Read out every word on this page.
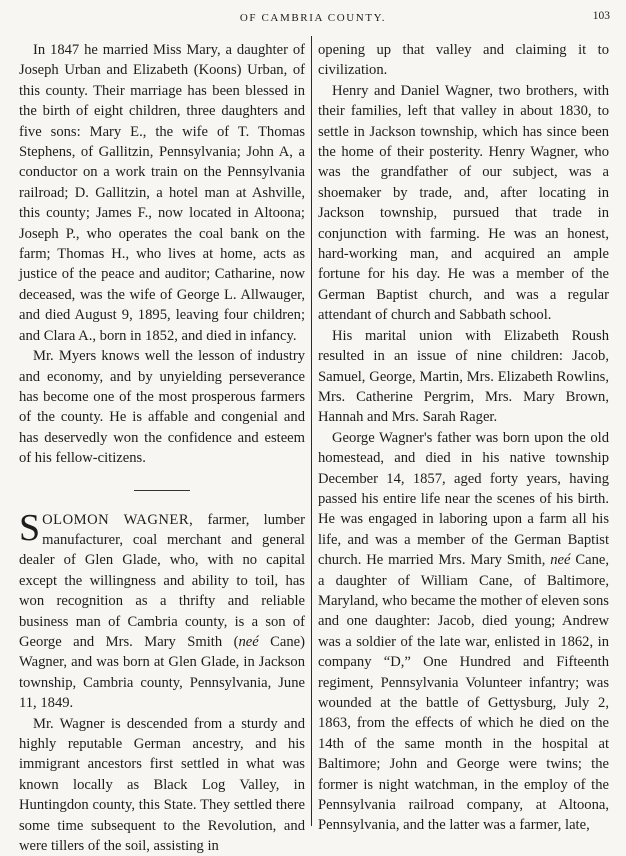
OF CAMBRIA COUNTY.	103

In 1847 he married Miss Mary, a daughter of Joseph Urban and Elizabeth (Koons) Urban, of this county. Their marriage has been blessed in the birth of eight children, three daughters and five sons: Mary E., the wife of T. Thomas Stephens, of Gallitzin, Pennsylvania; John A, a conductor on a work train on the Pennsylvania railroad; D. Gallitzin, a hotel man at Ashville, this county; James F., now located in Altoona; Joseph P., who operates the coal bank on the farm; Thomas H., who lives at home, acts as justice of the peace and auditor; Catharine, now deceased, was the wife of George L. Allwauger, and died August 9, 1895, leaving four children; and Clara A., born in 1852, and died in infancy.

Mr. Myers knows well the lesson of industry and economy, and by unyielding perseverance has become one of the most prosperous farmers of the county. He is affable and congenial and has deservedly won the confidence and esteem of his fellow-citizens.

SOLOMON WAGNER, farmer, lumber manufacturer, coal merchant and general dealer of Glen Glade, who, with no capital except the willingness and ability to toil, has won recognition as a thrifty and reliable business man of Cambria county, is a son of George and Mrs. Mary Smith (neé Cane) Wagner, and was born at Glen Glade, in Jackson township, Cambria county, Pennsylvania, June 11, 1849.

Mr. Wagner is descended from a sturdy and highly reputable German ancestry, and his immigrant ancestors first settled in what was known locally as Black Log Valley, in Huntingdon county, this State. They settled there some time subsequent to the Revolution, and were tillers of the soil, assisting in

opening up that valley and claiming it to civilization.

Henry and Daniel Wagner, two brothers, with their families, left that valley in about 1830, to settle in Jackson township, which has since been the home of their posterity. Henry Wagner, who was the grandfather of our subject, was a shoemaker by trade, and, after locating in Jackson township, pursued that trade in conjunction with farming. He was an honest, hard-working man, and acquired an ample fortune for his day. He was a member of the German Baptist church, and was a regular attendant of church and Sabbath school.

His marital union with Elizabeth Roush resulted in an issue of nine children: Jacob, Samuel, George, Martin, Mrs. Elizabeth Rowlins, Mrs. Catherine Pergrim, Mrs. Mary Brown, Hannah and Mrs. Sarah Rager.

George Wagner's father was born upon the old homestead, and died in his native township December 14, 1857, aged forty years, having passed his entire life near the scenes of his birth. He was engaged in laboring upon a farm all his life, and was a member of the German Baptist church. He married Mrs. Mary Smith, neé Cane, a daughter of William Cane, of Baltimore, Maryland, who became the mother of eleven sons and one daughter: Jacob, died young; Andrew was a soldier of the late war, enlisted in 1862, in company “D,” One Hundred and Fifteenth regiment, Pennsylvania Volunteer infantry; was wounded at the battle of Gettysburg, July 2, 1863, from the effects of which he died on the 14th of the same month in the hospital at Baltimore; John and George were twins; the former is night watchman, in the employ of the Pennsylvania railroad company, at Altoona, Pennsylvania, and the latter was a farmer, late,
